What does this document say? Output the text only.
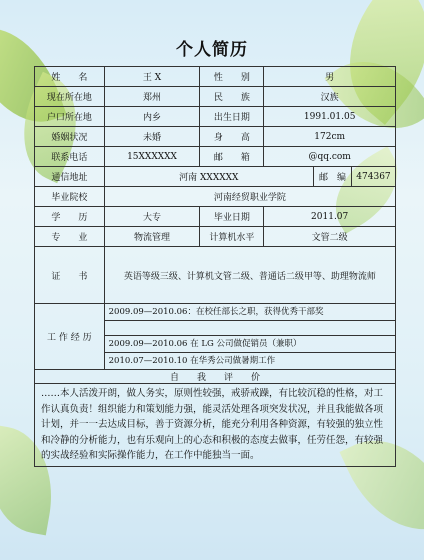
个人简历
姓　　名	王 X	性　　别	男		
现在所在地	郑州	民　　族	汉族		
户口所在地	内乡	出生日期	1991.01.05		
婚姻状况	未婚	身　　高	172cm		
联系电话	15XXXXXX	邮　　箱	@qq.com		
通信地址	河南 XXXXXX			邮　编	474367
毕业院校	河南经贸职业学院				
学　　历	大专	毕业日期	2011.07		
专　　业	物流管理	计算机水平	文管二级		
证　　书	英语等级三级、计算机文管二级、普通话二级甲等、助理物流师				
工 作 经 历	2009.09—2010.06：在校任部长之职，获得优秀干部奖
2009.09—2010.06 在 LG 公司做促销员（兼职）
2010.07—2010.10 在华秀公司做暑期工作				

自　　我　　评　　价					
……本人活泼开朗，做人务实，原则性较强，戒骄戒躁，有比较沉稳的性格，对工作认真负责！组织能力和策划能力强，能灵活处理各项突发状况，并且我能做各项计划，并一一去达成目标，善于资源分析，能充分利用各种资源，有较强的独立性和冷静的分析能力，也有乐观向上的心态和积极的态度去做事，任劳任怨，有较强的实战经验和实际操作能力，在工作中能独当一面。					
